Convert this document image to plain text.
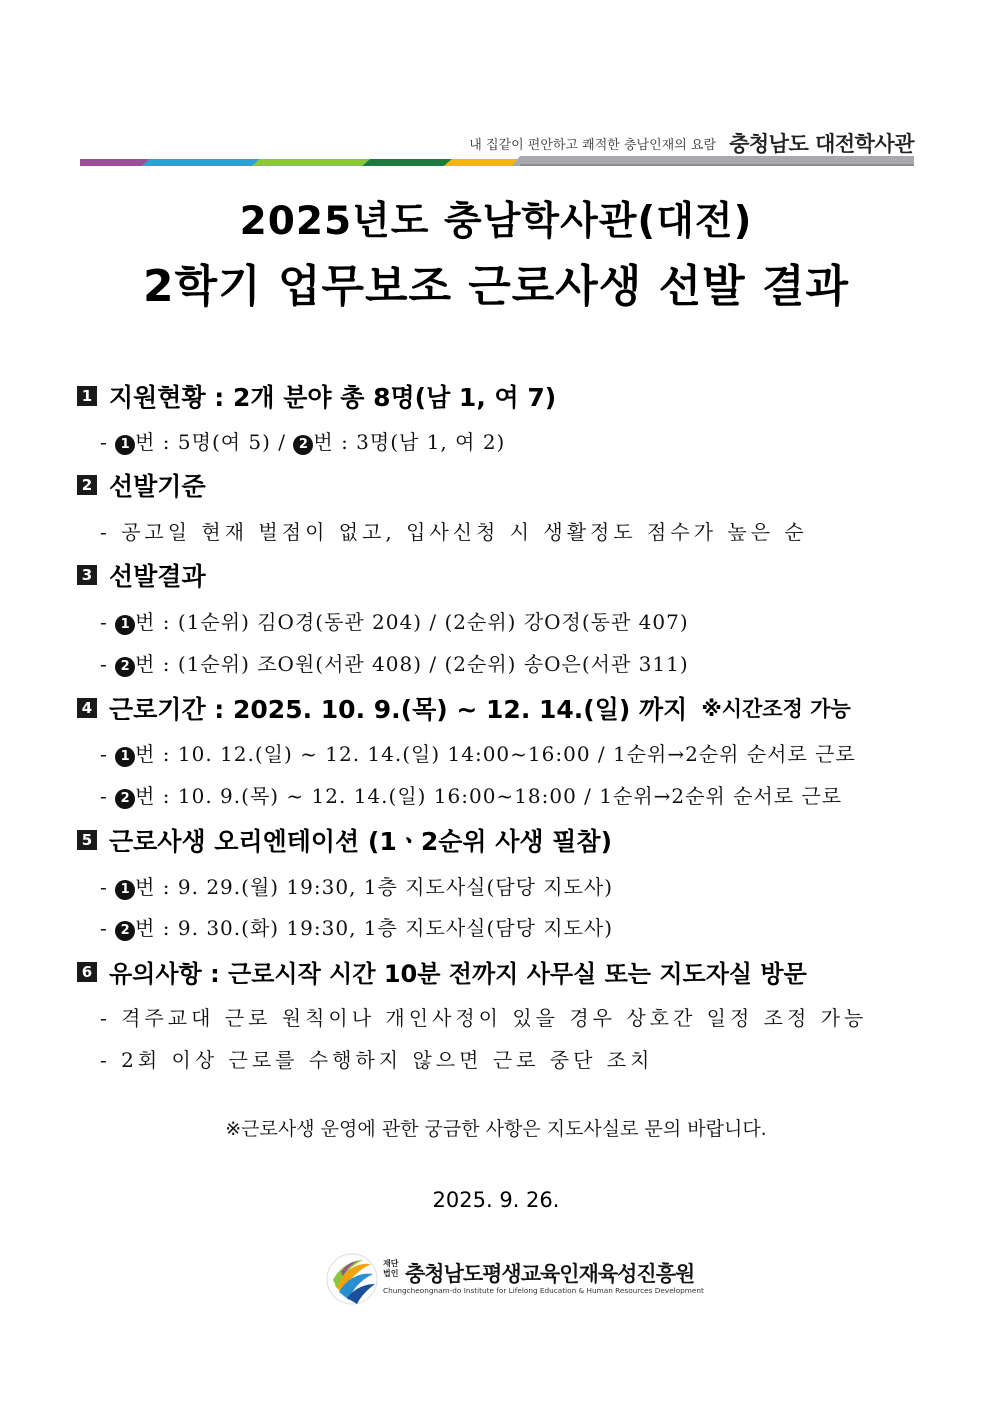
내 집같이 편안하고 쾌적한 충남인재의 요람 충청남도 대전학사관
2025년도 충남학사관(대전)
2학기 업무보조 근로사생 선발 결과
1 지원현황 : 2개 분야 총 8명(남 1, 여 7)
- 1 번 : 5명(여 5) / 2 번 : 3명(남 1, 여 2)
2 선발기준
- 공고일 현재 벌점이 없고, 입사신청 시 생활정도 점수가 높은 순
3 선발결과
- 1 번 : (1순위) 김O경(동관 204) / (2순위) 강O정(동관 407)
- 2 번 : (1순위) 조O원(서관 408) / (2순위) 송O은(서관 311)
4 근로기간 : 2025. 10. 9.(목) ~ 12. 14.(일) 까지 ※시간조정 가능
- 1 번 : 10. 12.(일) ~ 12. 14.(일) 14:00~16:00 / 1순위→2순위 순서로 근로
- 2 번 : 10. 9.(목) ~ 12. 14.(일) 16:00~18:00 / 1순위→2순위 순서로 근로
5 근로사생 오리엔테이션 (1ㆍ2순위 사생 필참)
- 1 번 : 9. 29.(월) 19:30, 1층 지도사실(담당 지도사)
- 2 번 : 9. 30.(화) 19:30, 1층 지도사실(담당 지도사)
6 유의사항 : 근로시작 시간 10분 전까지 사무실 또는 지도자실 방문
- 격주교대 근로 원칙이나 개인사정이 있을 경우 상호간 일정 조정 가능
- 2회 이상 근로를 수행하지 않으면 근로 중단 조치
※근로사생 운영에 관한 궁금한 사항은 지도사실로 문의 바랍니다.
2025. 9. 26.
재단법인 충청남도평생교육인재육성진흥원
Chungcheongnam-do Institute for Lifelong Education & Human Resources Development
